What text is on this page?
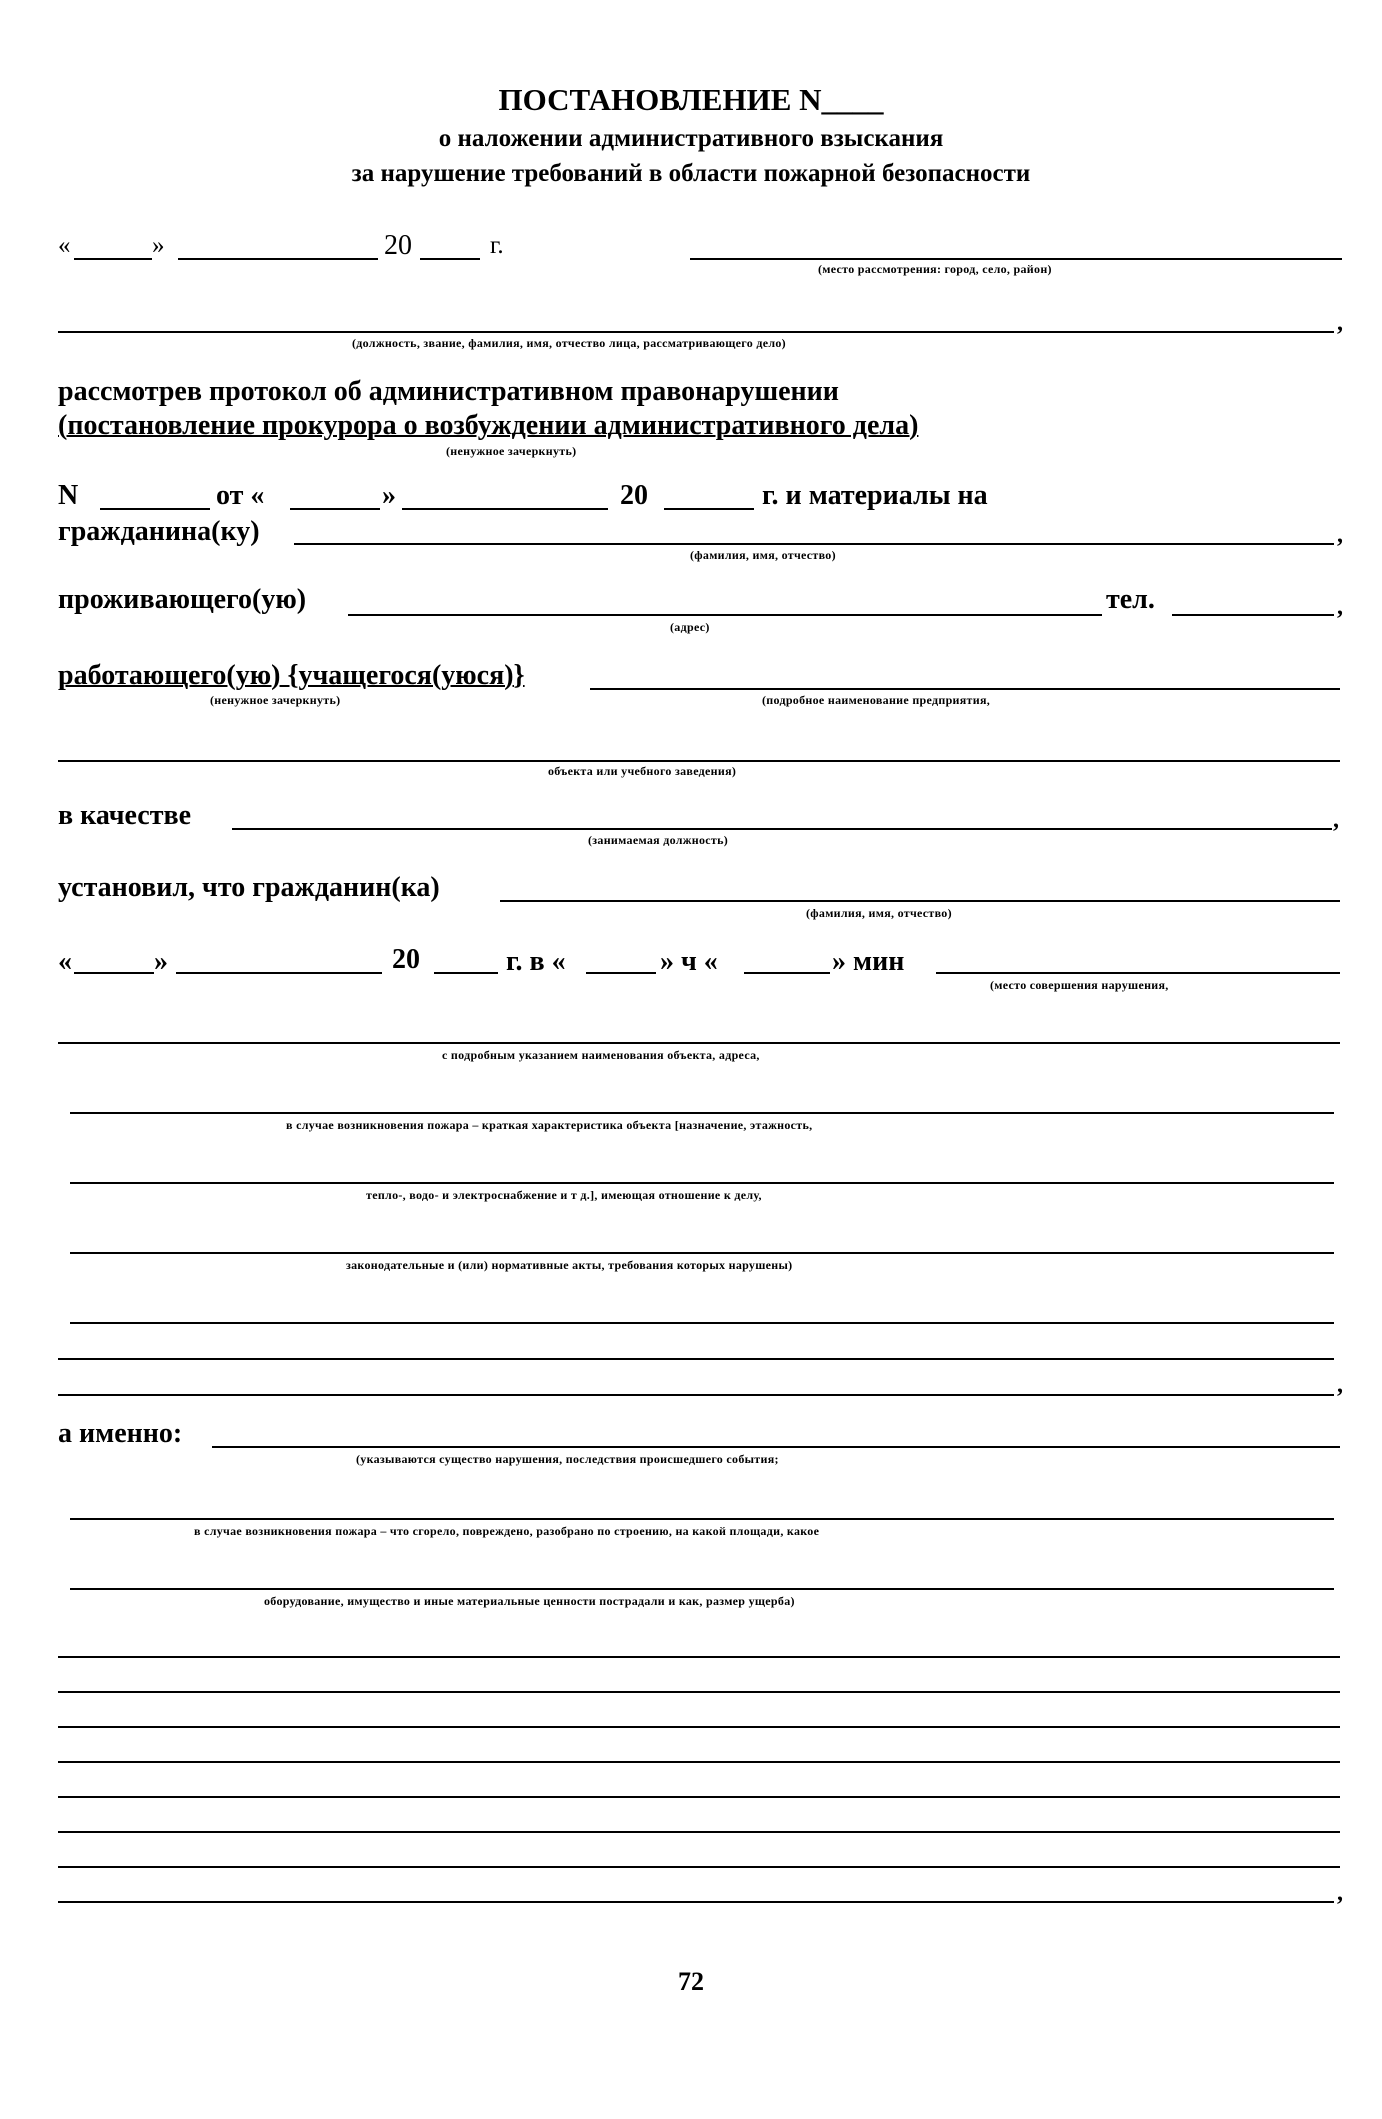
ПОСТАНОВЛЕНИЕ N____
о наложении административного взыскания
за нарушение требований в области пожарной безопасности
«	»	20	г.
(место рассмотрения: город, село, район)
,
(должность, звание, фамилия, имя, отчество лица, рассматривающего дело)
рассмотрев протокол об административном правонарушении
(постановление прокурора о возбуждении административного дела)
(ненужное зачеркнуть)
N	от «	»	20	г. и материалы на
гражданина(ку)	,
(фамилия, имя, отчество)
проживающего(ую)
(адрес)
тел.	,
работающего(ую) {учащегося(уюся)}
(ненужное зачеркнуть)	(подробное наименование предприятия,
объекта или учебного заведения)
в качестве	,
(занимаемая должность)
установил, что гражданин(ка)
(фамилия, имя, отчество)
«	»	20	г. в «	» ч «	» мин
(место совершения нарушения,
с подробным указанием наименования объекта, адреса,
в случае возникновения пожара – краткая характеристика объекта [назначение, этажность,
тепло-, водо- и электроснабжение и т д.], имеющая отношение к делу,
законодательные и (или) нормативные акты, требования которых нарушены)
,
а именно:
(указываются существо нарушения, последствия происшедшего события;
в случае возникновения пожара – что сгорело, повреждено, разобрано по строению, на какой площади, какое
оборудование, имущество и иные материальные ценности пострадали и как, размер ущерба)
,
72
